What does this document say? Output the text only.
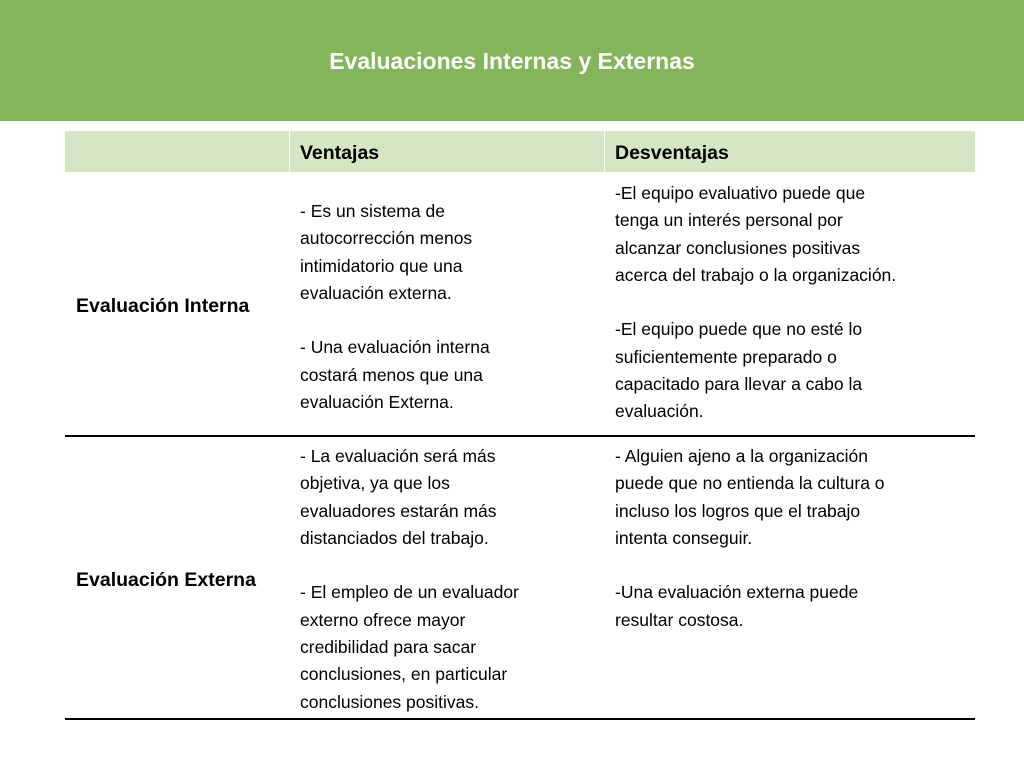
Evaluaciones Internas y Externas
Ventajas	Desventajas
Evaluación Interna
- Es un sistema de
autocorrección menos
intimidatorio que una
evaluación externa.

- Una evaluación interna
costará menos que una
evaluación Externa.
-El equipo evaluativo puede que
tenga un interés personal por
alcanzar conclusiones positivas
acerca del trabajo o la organización.

-El equipo puede que no esté lo
suficientemente preparado o
capacitado para llevar a cabo la
evaluación.
Evaluación Externa
- La evaluación será más
objetiva, ya que los
evaluadores estarán más
distanciados del trabajo.

- El empleo de un evaluador
externo ofrece mayor
credibilidad para sacar
conclusiones, en particular
conclusiones positivas.
- Alguien ajeno a la organización
puede que no entienda la cultura o
incluso los logros que el trabajo
intenta conseguir.

-Una evaluación externa puede
resultar costosa.
